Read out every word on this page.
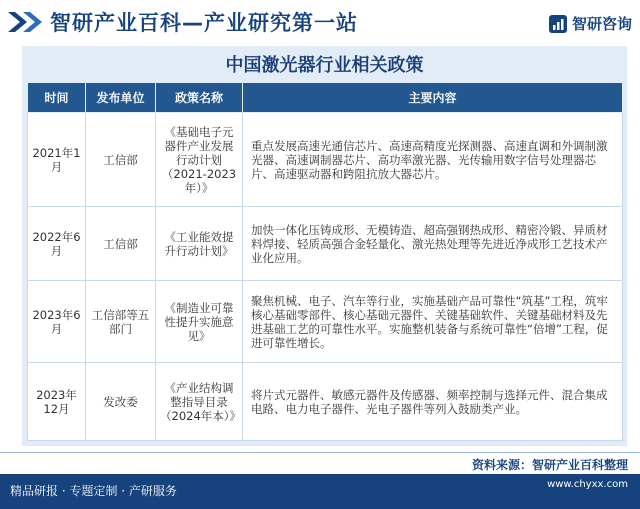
智研产业百科—产业研究第一站	智研咨询
中国激光器行业相关政策
时间	发布单位	政策名称	主要内容
2021年1月	工信部	《基础电子元器件产业发展行动计划（2021-2023年）》	重点发展高速光通信芯片、高速高精度光探测器、高速直调和外调制激光器、高速调制器芯片、高功率激光器、光传输用数字信号处理器芯片、高速驱动器和跨阻抗放大器芯片。
2022年6月	工信部	《工业能效提升行动计划》	加快一体化压铸成形、无模铸造、超高强钢热成形、精密冷锻、异质材料焊接、轻质高强合金轻量化、激光热处理等先进近净成形工艺技术产业化应用。
2023年6月	工信部等五部门	《制造业可靠性提升实施意见》	聚焦机械、电子、汽车等行业，实施基础产品可靠性“筑基”工程，筑牢核心基础零部件、核心基础元器件、关键基础软件、关键基础材料及先进基础工艺的可靠性水平。实施整机装备与系统可靠性“倍增”工程，促进可靠性增长。
2023年12月	发改委	《产业结构调整指导目录（2024年本）》	将片式元器件、敏感元器件及传感器、频率控制与选择元件、混合集成电路、电力电子器件、光电子器件等列入鼓励类产业。
资料来源：智研产业百科整理
精品研报 · 专题定制 · 产研服务	www.chyxx.com
